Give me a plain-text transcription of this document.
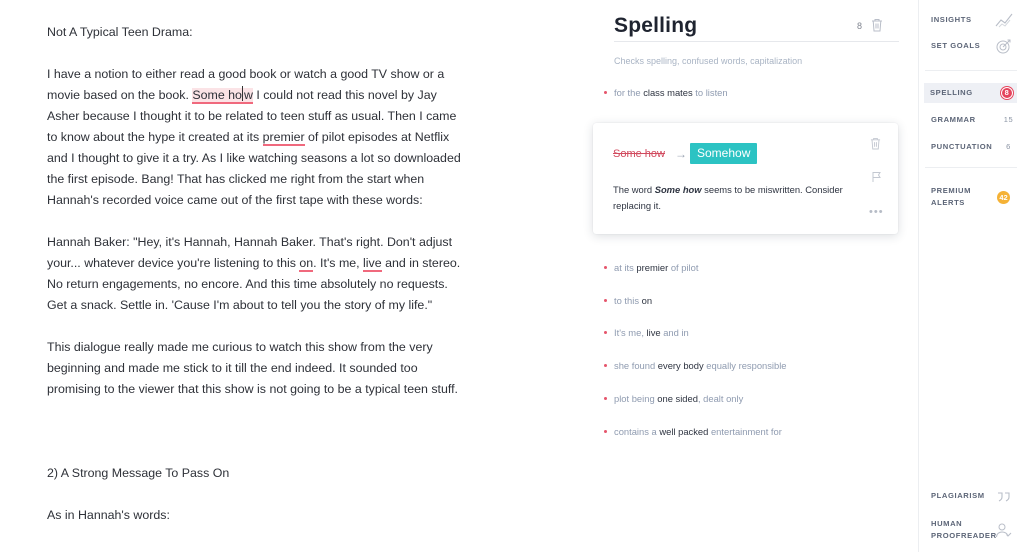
Not A Typical Teen Drama:

I have a notion to either read a good book or watch a good TV show or a movie based on the book. Some ho w I could not read this novel by Jay Asher because I thought it to be related to teen stuff as usual. Then I came to know about the hype it created at its premier of pilot episodes at Netflix and I thought to give it a try. As I like watching seasons a lot so downloaded the first episode. Bang! That has clicked me right from the start when Hannah's recorded voice came out of the first tape with these words:

Hannah Baker: "Hey, it's Hannah, Hannah Baker. That's right. Don't adjust your... whatever device you're listening to this on. It's me, live and in stereo. No return engagements, no encore. And this time absolutely no requests. Get a snack. Settle in. 'Cause I'm about to tell you the story of my life."

This dialogue really made me curious to watch this show from the very beginning and made me stick to it till the end indeed. It sounded too promising to the viewer that this show is not going to be a typical teen stuff.

2) A Strong Message To Pass On

As in Hannah's words:

Spelling	8
Checks spelling, confused words, capitalization
for the
class mates
to listen
Some how → Somehow
The word Some how seems to be miswritten. Consider replacing it.
•••
at its
premier
of pilot
to this
on
It's me,
live
and in
she found
every body
equally responsible
plot being
one sided , dealt only
contains a
well packed
entertainment for
INSIGHTS
SET GOALS
SPELLING	8
GRAMMAR	15
PUNCTUATION	6
PREMIUM ALERTS
42
PLAGIARISM
HUMAN PROOFREADER
